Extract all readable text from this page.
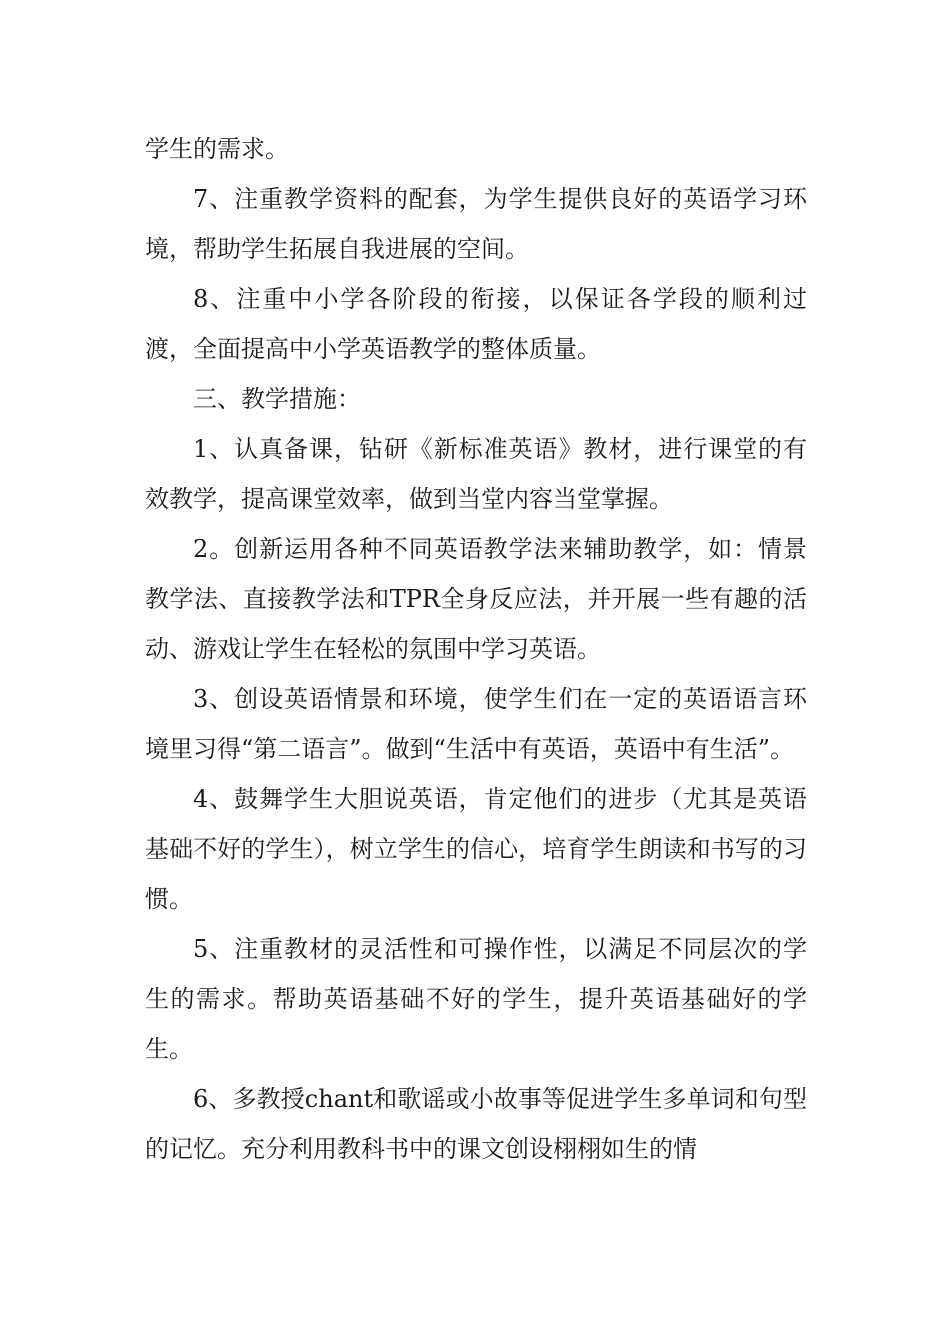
学生的需求。

7、注重教学资料的配套，为学生提供良好的英语学习环境，帮助学生拓展自我进展的空间。

8、注重中小学各阶段的衔接，以保证各学段的顺利过渡，全面提高中小学英语教学的整体质量。

三、教学措施：

1、认真备课，钻研《新标准英语》教材，进行课堂的有效教学，提高课堂效率，做到当堂内容当堂掌握。

2。创新运用各种不同英语教学法来辅助教学，如：情景教学法、直接教学法和TPR全身反应法，并开展一些有趣的活动、游戏让学生在轻松的氛围中学习英语。

3、创设英语情景和环境，使学生们在一定的英语语言环境里习得“第二语言”。做到“生活中有英语，英语中有生活”。

4、鼓舞学生大胆说英语，肯定他们的进步（尤其是英语基础不好的学生），树立学生的信心，培育学生朗读和书写的习惯。

5、注重教材的灵活性和可操作性，以满足不同层次的学生的需求。帮助英语基础不好的学生，提升英语基础好的学生。

6、多教授chant和歌谣或小故事等促进学生多单词和句型的记忆。充分利用教科书中的课文创设栩栩如生的情
